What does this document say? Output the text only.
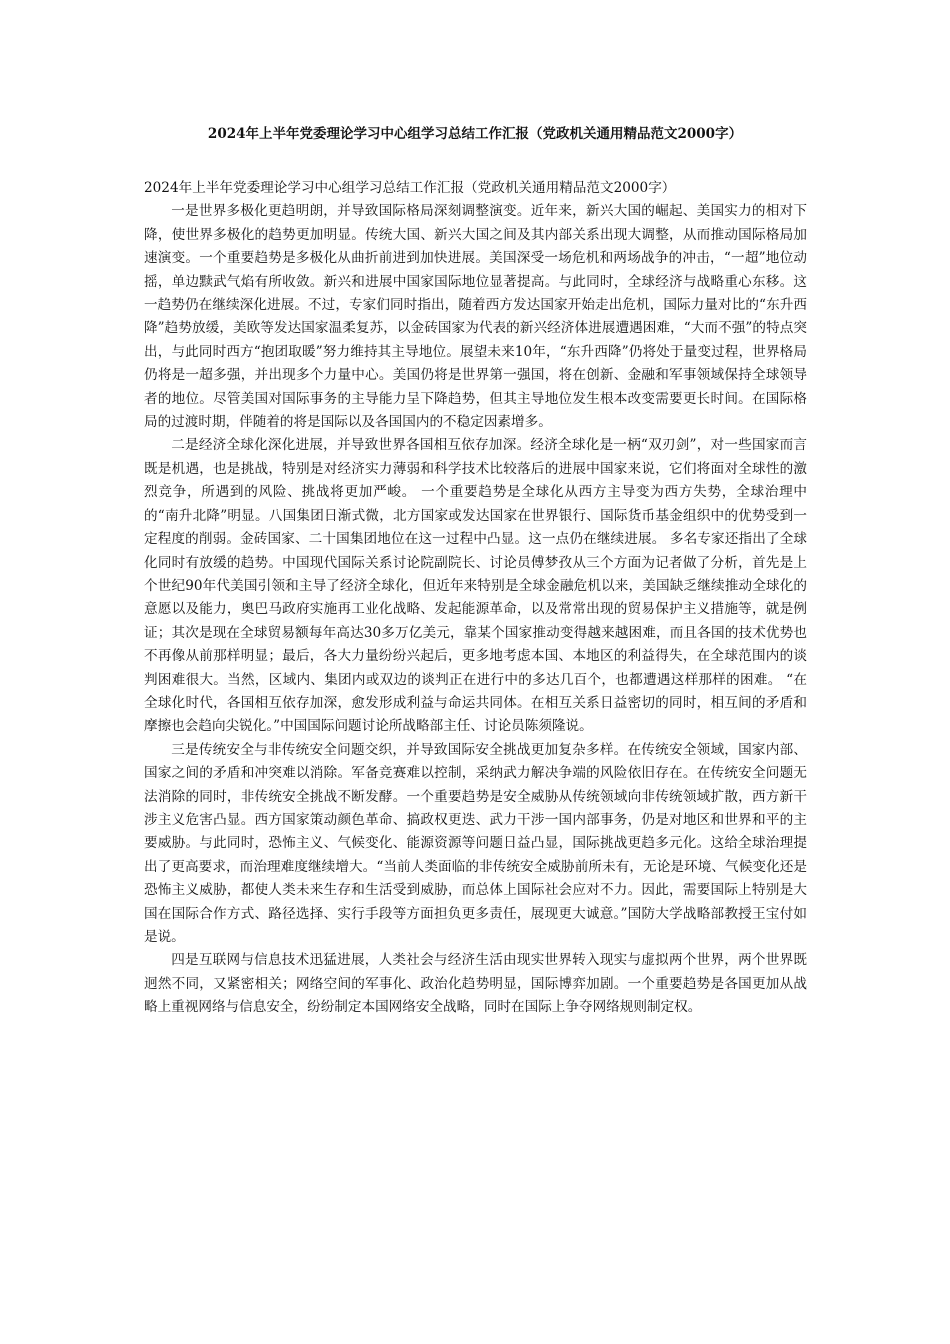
2024年上半年党委理论学习中心组学习总结工作汇报（党政机关通用精品范文2000字）

2024年上半年党委理论学习中心组学习总结工作汇报（党政机关通用精品范文2000字）

一是世界多极化更趋明朗，并导致国际格局深刻调整演变。近年来，新兴大国的崛起、美国实力的相对下降，使世界多极化的趋势更加明显。传统大国、新兴大国之间及其内部关系出现大调整，从而推动国际格局加速演变。一个重要趋势是多极化从曲折前进到加快进展。美国深受一场危机和两场战争的冲击，“一超”地位动摇，单边黩武气焰有所收敛。新兴和进展中国家国际地位显著提高。与此同时，全球经济与战略重心东移。这一趋势仍在继续深化进展。不过，专家们同时指出，随着西方发达国家开始走出危机，国际力量对比的“东升西降”趋势放缓，美欧等发达国家温柔复苏，以金砖国家为代表的新兴经济体进展遭遇困难，“大而不强”的特点突出，与此同时西方“抱团取暖”努力维持其主导地位。展望未来10年，“东升西降”仍将处于量变过程，世界格局仍将是一超多强，并出现多个力量中心。美国仍将是世界第一强国，将在创新、金融和军事领域保持全球领导者的地位。尽管美国对国际事务的主导能力呈下降趋势，但其主导地位发生根本改变需要更长时间。在国际格局的过渡时期，伴随着的将是国际以及各国国内的不稳定因素增多。

二是经济全球化深化进展，并导致世界各国相互依存加深。经济全球化是一柄“双刃剑”，对一些国家而言既是机遇，也是挑战，特别是对经济实力薄弱和科学技术比较落后的进展中国家来说，它们将面对全球性的激烈竞争，所遇到的风险、挑战将更加严峻。 一个重要趋势是全球化从西方主导变为西方失势，全球治理中的“南升北降”明显。八国集团日渐式微，北方国家或发达国家在世界银行、国际货币基金组织中的优势受到一定程度的削弱。金砖国家、二十国集团地位在这一过程中凸显。这一点仍在继续进展。 多名专家还指出了全球化同时有放缓的趋势。中国现代国际关系讨论院副院长、讨论员傅梦孜从三个方面为记者做了分析，首先是上个世纪90年代美国引领和主导了经济全球化，但近年来特别是全球金融危机以来，美国缺乏继续推动全球化的意愿以及能力，奥巴马政府实施再工业化战略、发起能源革命，以及常常出现的贸易保护主义措施等，就是例证；其次是现在全球贸易额每年高达30多万亿美元，靠某个国家推动变得越来越困难，而且各国的技术优势也不再像从前那样明显；最后，各大力量纷纷兴起后，更多地考虑本国、本地区的利益得失，在全球范围内的谈判困难很大。当然，区域内、集团内或双边的谈判正在进行中的多达几百个，也都遭遇这样那样的困难。 “在全球化时代，各国相互依存加深，愈发形成利益与命运共同体。在相互关系日益密切的同时，相互间的矛盾和摩擦也会趋向尖锐化。”中国国际问题讨论所战略部主任、讨论员陈须隆说。

三是传统安全与非传统安全问题交织，并导致国际安全挑战更加复杂多样。在传统安全领域，国家内部、国家之间的矛盾和冲突难以消除。军备竞赛难以控制，采纳武力解决争端的风险依旧存在。在传统安全问题无法消除的同时，非传统安全挑战不断发酵。一个重要趋势是安全威胁从传统领域向非传统领域扩散，西方新干涉主义危害凸显。西方国家策动颜色革命、搞政权更迭、武力干涉一国内部事务，仍是对地区和世界和平的主要威胁。与此同时，恐怖主义、气候变化、能源资源等问题日益凸显，国际挑战更趋多元化。这给全球治理提出了更高要求，而治理难度继续增大。“当前人类面临的非传统安全威胁前所未有，无论是环境、气候变化还是恐怖主义威胁，都使人类未来生存和生活受到威胁，而总体上国际社会应对不力。因此，需要国际上特别是大国在国际合作方式、路径选择、实行手段等方面担负更多责任，展现更大诚意。”国防大学战略部教授王宝付如是说。

四是互联网与信息技术迅猛进展，人类社会与经济生活由现实世界转入现实与虚拟两个世界，两个世界既迥然不同，又紧密相关；网络空间的军事化、政治化趋势明显，国际博弈加剧。一个重要趋势是各国更加从战略上重视网络与信息安全，纷纷制定本国网络安全战略，同时在国际上争夺网络规则制定权。
